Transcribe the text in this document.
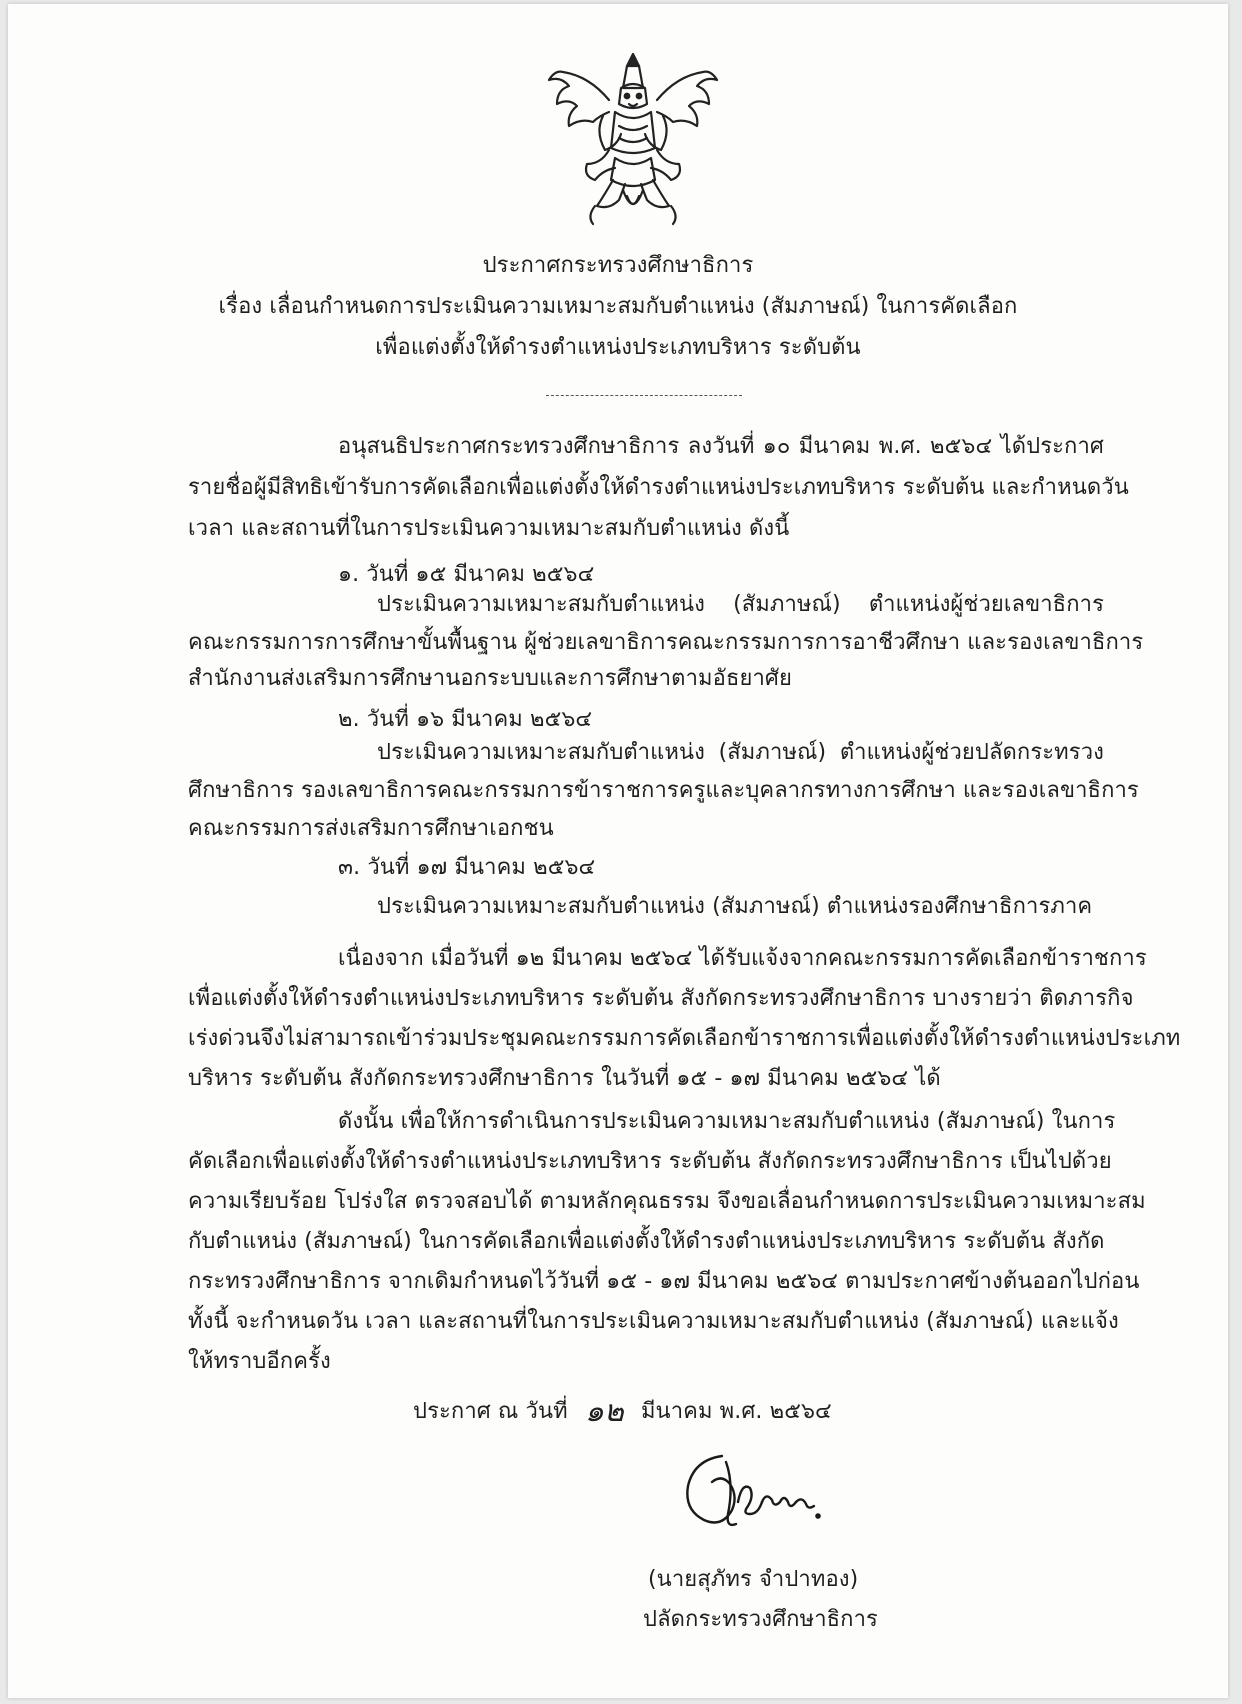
ประกาศกระทรวงศึกษาธิการ
เรื่อง เลื่อนกำหนดการประเมินความเหมาะสมกับตำแหน่ง (สัมภาษณ์) ในการคัดเลือก
เพื่อแต่งตั้งให้ดำรงตำแหน่งประเภทบริหาร ระดับต้น
อนุสนธิประกาศกระทรวงศึกษาธิการ ลงวันที่ ๑๐ มีนาคม พ.ศ. ๒๕๖๔ ได้ประกาศ
รายชื่อผู้มีสิทธิเข้ารับการคัดเลือกเพื่อแต่งตั้งให้ดำรงตำแหน่งประเภทบริหาร ระดับต้น และกำหนดวัน
เวลา และสถานที่ในการประเมินความเหมาะสมกับตำแหน่ง ดังนี้
๑. วันที่ ๑๕ มีนาคม ๒๕๖๔
ประเมินความเหมาะสมกับตำแหน่ง (สัมภาษณ์) ตำแหน่งผู้ช่วยเลขาธิการ
คณะกรรมการการศึกษาขั้นพื้นฐาน ผู้ช่วยเลขาธิการคณะกรรมการการอาชีวศึกษา และรองเลขาธิการ
สำนักงานส่งเสริมการศึกษานอกระบบและการศึกษาตามอัธยาศัย
๒. วันที่ ๑๖ มีนาคม ๒๕๖๔
ประเมินความเหมาะสมกับตำแหน่ง (สัมภาษณ์) ตำแหน่งผู้ช่วยปลัดกระทรวง
ศึกษาธิการ รองเลขาธิการคณะกรรมการข้าราชการครูและบุคลากรทางการศึกษา และรองเลขาธิการ
คณะกรรมการส่งเสริมการศึกษาเอกชน
๓. วันที่ ๑๗ มีนาคม ๒๕๖๔
ประเมินความเหมาะสมกับตำแหน่ง (สัมภาษณ์) ตำแหน่งรองศึกษาธิการภาค
เนื่องจาก เมื่อวันที่ ๑๒ มีนาคม ๒๕๖๔ ได้รับแจ้งจากคณะกรรมการคัดเลือกข้าราชการ
เพื่อแต่งตั้งให้ดำรงตำแหน่งประเภทบริหาร ระดับต้น สังกัดกระทรวงศึกษาธิการ บางรายว่า ติดภารกิจ
เร่งด่วนจึงไม่สามารถเข้าร่วมประชุมคณะกรรมการคัดเลือกข้าราชการเพื่อแต่งตั้งให้ดำรงตำแหน่งประเภท
บริหาร ระดับต้น สังกัดกระทรวงศึกษาธิการ ในวันที่ ๑๕ - ๑๗ มีนาคม ๒๕๖๔ ได้
ดังนั้น เพื่อให้การดำเนินการประเมินความเหมาะสมกับตำแหน่ง (สัมภาษณ์) ในการ
คัดเลือกเพื่อแต่งตั้งให้ดำรงตำแหน่งประเภทบริหาร ระดับต้น สังกัดกระทรวงศึกษาธิการ เป็นไปด้วย
ความเรียบร้อย โปร่งใส ตรวจสอบได้ ตามหลักคุณธรรม จึงขอเลื่อนกำหนดการประเมินความเหมาะสม
กับตำแหน่ง (สัมภาษณ์) ในการคัดเลือกเพื่อแต่งตั้งให้ดำรงตำแหน่งประเภทบริหาร ระดับต้น สังกัด
กระทรวงศึกษาธิการ จากเดิมกำหนดไว้วันที่ ๑๕ - ๑๗ มีนาคม ๒๕๖๔ ตามประกาศข้างต้นออกไปก่อน
ทั้งนี้ จะกำหนดวัน เวลา และสถานที่ในการประเมินความเหมาะสมกับตำแหน่ง (สัมภาษณ์) และแจ้ง
ให้ทราบอีกครั้ง
ประกาศ ณ วันที่ ๑๒ มีนาคม พ.ศ. ๒๕๖๔
(นายสุภัทร จำปาทอง)
ปลัดกระทรวงศึกษาธิการ
